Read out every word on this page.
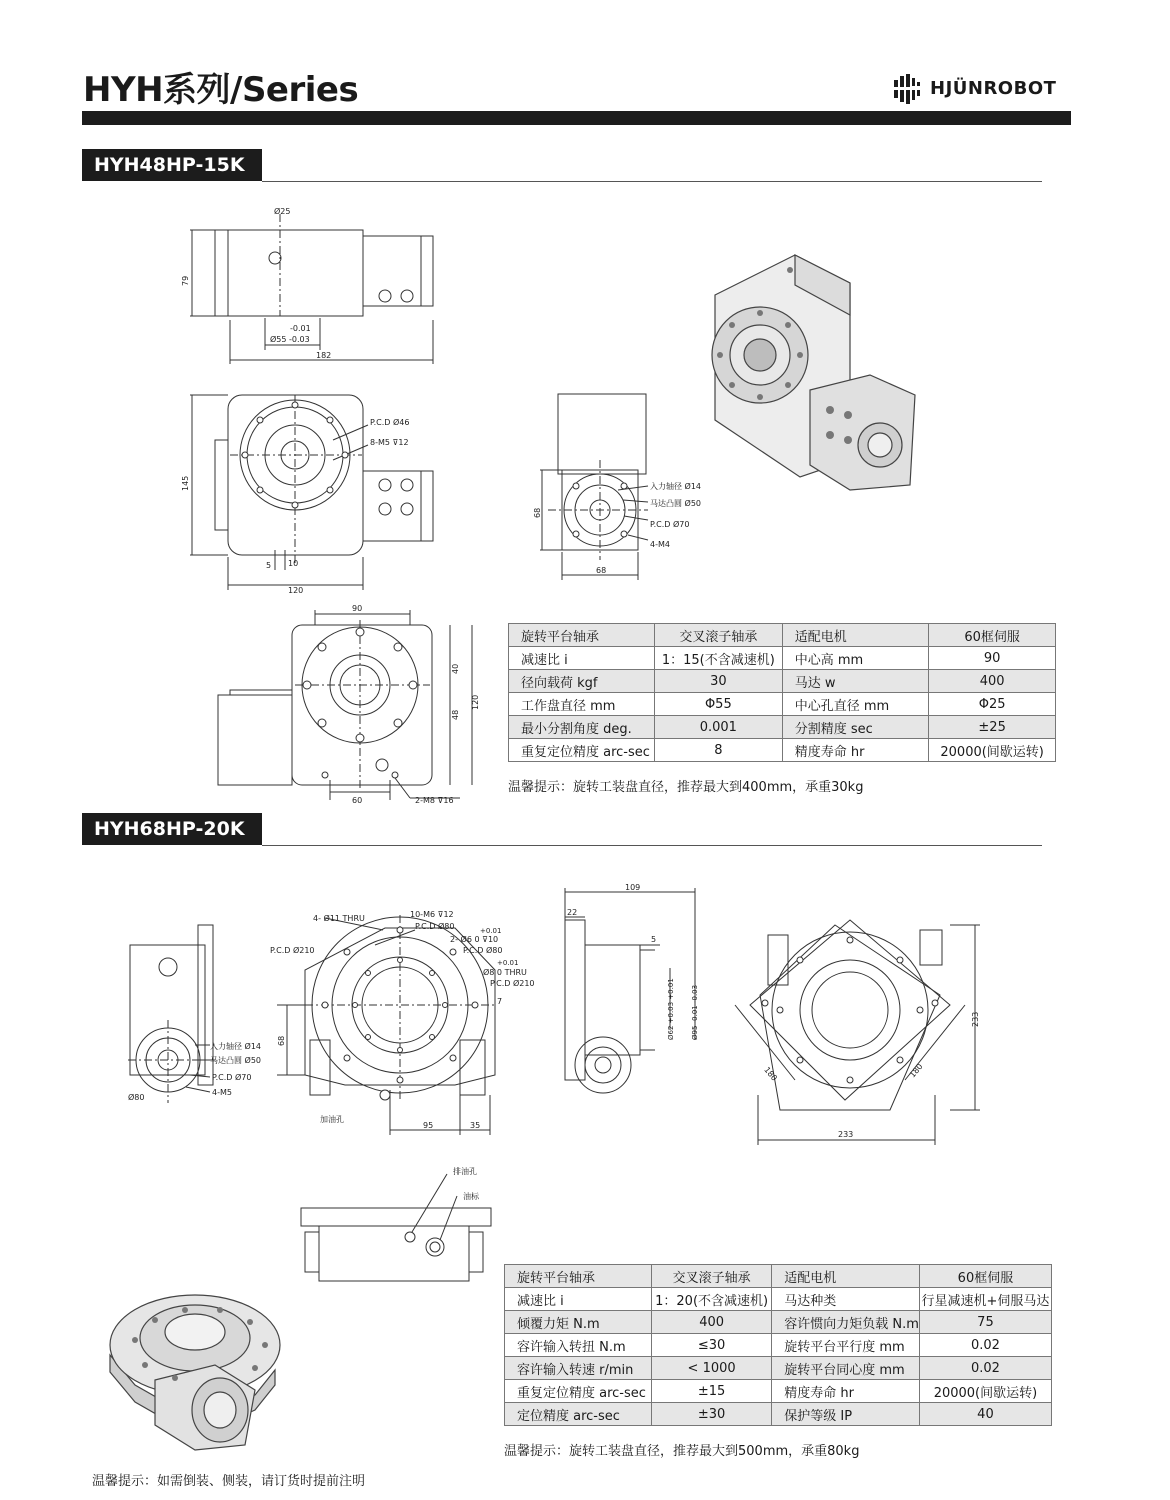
HYH系列/Series	HJÜNROBOT
HYH48HP-15K
Ø25
79
-0.01
Ø55 -0.03
182
P.C.D Ø46
8-M5 ⊽12
145
5 10
120
入力轴径 Ø14
马达凸圆 Ø50
P.C.D Ø70
4-M4
68
68
90
40
48
120
60	2-M8 ⊽16
旋转平台轴承	交叉滚子轴承	适配电机	60框伺服
减速比 i	1：15(不含减速机)	中心高 mm	90
径向载荷 kgf	30	马达 w	400
工作盘直径 mm	Φ55	中心孔直径 mm	Φ25
最小分割角度 deg.	0.001	分割精度 sec	±25
重复定位精度 arc-sec	8	精度寿命 hr	20000(间歇运转)
温馨提示：旋转工装盘直径，推荐最大到400mm，承重30kg
HYH68HP-20K
入力轴径 Ø14
马达凸圆 Ø50
P.C.D Ø70
4-M5
Ø80
4- Ø11 THRU	10-M6 ⊽12
P.C.D Ø80	+0.01
2- Ø6 0 ⊽10
P.C.D Ø80
P.C.D Ø210
+0.01
Ø8 0 THRU
P.C.D Ø210
7
68
加油孔
95	35
109
22
5
Ø62 +0.03 +0.01 Ø95 -0.01 -0.03	233
233
180	180
排油孔
油标
旋转平台轴承	交叉滚子轴承	适配电机	60框伺服
减速比 i	1：20(不含减速机)	马达种类	行星减速机+伺服马达
倾覆力矩 N.m	400	容许惯向力矩负载 N.m	75
容许输入转扭 N.m	≤30	旋转平台平行度 mm	0.02
容许输入转速 r/min	< 1000	旋转平台同心度 mm	0.02
重复定位精度 arc-sec	±15	精度寿命 hr	20000(间歇运转)
定位精度 arc-sec	±30	保护等级 IP	40
温馨提示：旋转工装盘直径，推荐最大到500mm，承重80kg
温馨提示：如需倒装、侧装，请订货时提前注明
